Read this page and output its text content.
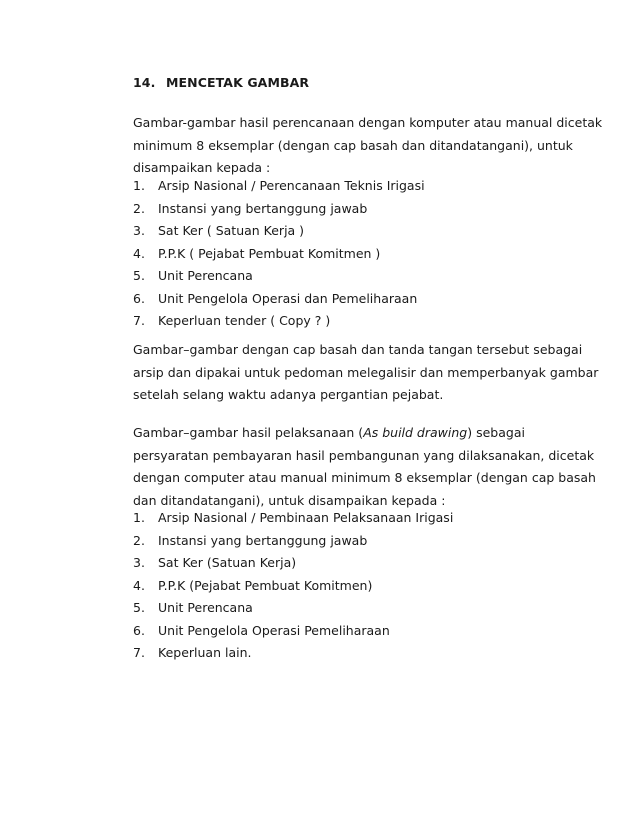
14. MENCETAK GAMBAR
Gambar-gambar hasil perencanaan dengan komputer atau manual dicetak
minimum 8 eksemplar (dengan cap basah dan ditandatangani), untuk
disampaikan kepada :
1. Arsip Nasional / Perencanaan Teknis Irigasi
2. Instansi yang bertanggung jawab
3. Sat Ker ( Satuan Kerja )
4. P.P.K ( Pejabat Pembuat Komitmen )
5. Unit Perencana
6. Unit Pengelola Operasi dan Pemeliharaan
7. Keperluan tender ( Copy ? )
Gambar–gambar dengan cap basah dan tanda tangan tersebut sebagai
arsip dan dipakai untuk pedoman melegalisir dan memperbanyak gambar
setelah selang waktu adanya pergantian pejabat.
Gambar–gambar hasil pelaksanaan (As build drawing) sebagai
persyaratan pembayaran hasil pembangunan yang dilaksanakan, dicetak
dengan computer atau manual minimum 8 eksemplar (dengan cap basah
dan ditandatangani), untuk disampaikan kepada :
1. Arsip Nasional / Pembinaan Pelaksanaan Irigasi
2. Instansi yang bertanggung jawab
3. Sat Ker (Satuan Kerja)
4. P.P.K (Pejabat Pembuat Komitmen)
5. Unit Perencana
6. Unit Pengelola Operasi Pemeliharaan
7. Keperluan lain.
